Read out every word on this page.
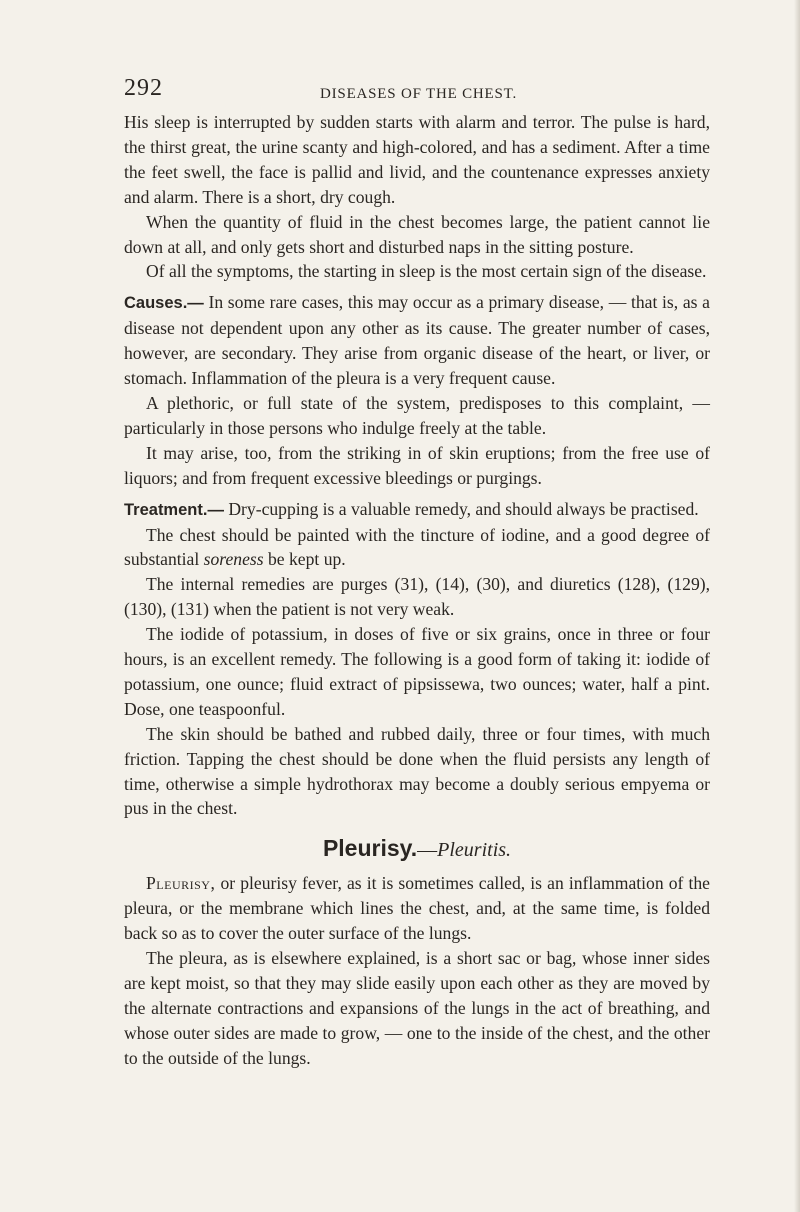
292	DISEASES OF THE CHEST.

His sleep is interrupted by sudden starts with alarm and terror. The pulse is hard, the thirst great, the urine scanty and high-colored, and has a sediment. After a time the feet swell, the face is pallid and livid, and the countenance expresses anxiety and alarm. There is a short, dry cough.

When the quantity of fluid in the chest becomes large, the patient cannot lie down at all, and only gets short and disturbed naps in the sitting posture.

Of all the symptoms, the starting in sleep is the most certain sign of the disease.

Causes.— In some rare cases, this may occur as a primary disease, — that is, as a disease not dependent upon any other as its cause. The greater number of cases, however, are secondary. They arise from organic disease of the heart, or liver, or stomach. Inflammation of the pleura is a very frequent cause.

A plethoric, or full state of the system, predisposes to this complaint, — particularly in those persons who indulge freely at the table.

It may arise, too, from the striking in of skin eruptions; from the free use of liquors; and from frequent excessive bleedings or purgings.

Treatment.— Dry-cupping is a valuable remedy, and should always be practised.

The chest should be painted with the tincture of iodine, and a good degree of substantial soreness be kept up.

The internal remedies are purges (31), (14), (30), and diuretics (128), (129), (130), (131) when the patient is not very weak.

The iodide of potassium, in doses of five or six grains, once in three or four hours, is an excellent remedy. The following is a good form of taking it: iodide of potassium, one ounce; fluid extract of pipsissewa, two ounces; water, half a pint. Dose, one teaspoonful.

The skin should be bathed and rubbed daily, three or four times, with much friction. Tapping the chest should be done when the fluid persists any length of time, otherwise a simple hydrothorax may become a doubly serious empyema or pus in the chest.

Pleurisy.—Pleuritis.

Pleurisy, or pleurisy fever, as it is sometimes called, is an inflammation of the pleura, or the membrane which lines the chest, and, at the same time, is folded back so as to cover the outer surface of the lungs.

The pleura, as is elsewhere explained, is a short sac or bag, whose inner sides are kept moist, so that they may slide easily upon each other as they are moved by the alternate contractions and expansions of the lungs in the act of breathing, and whose outer sides are made to grow, — one to the inside of the chest, and the other to the outside of the lungs.
